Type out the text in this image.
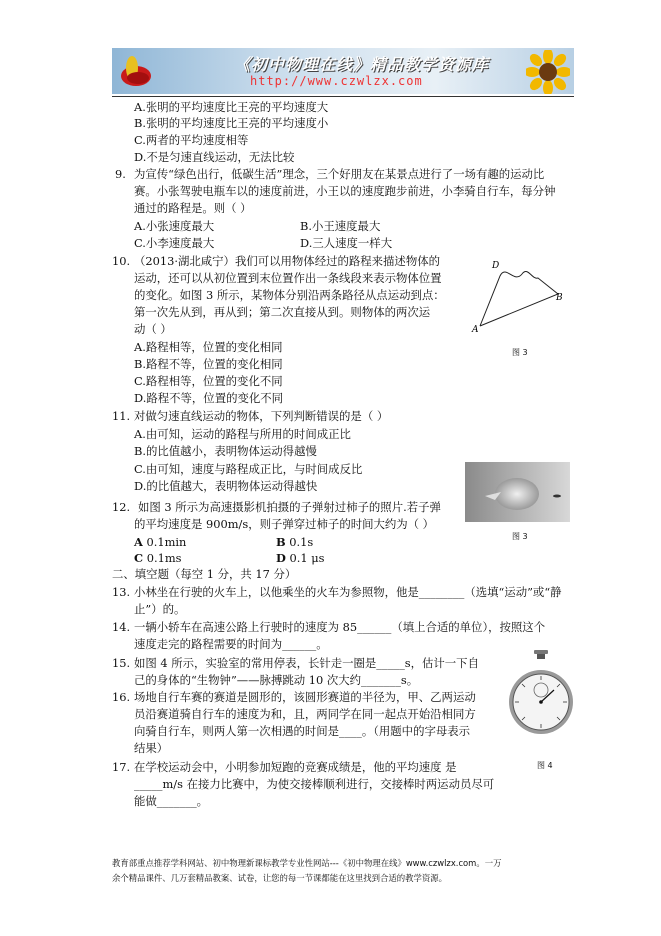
《初中物理在线》精品教学资源库
http://www.czwlzx.com
A.张明的平均速度比王亮的平均速度大
B.张明的平均速度比王亮的平均速度小
C.两者的平均速度相等
D.不是匀速直线运动，无法比较
9. 为宣传“绿色出行，低碳生活”理念，三个好朋友在某景点进行了一场有趣的运动比
赛。小张驾驶电瓶车以的速度前进，小王以的速度跑步前进，小李骑自行车，每分钟
通过的路程是。则（ ）
A.小张速度最大	B.小王速度最大
C.小李速度最大	D.三人速度一样大
10. （2013·湖北咸宁）我们可以用物体经过的路程来描述物体的
运动，还可以从初位置到末位置作出一条线段来表示物体位置
的变化。如图 3 所示，某物体分别沿两条路径从点运动到点：
第一次先从到，再从到；第二次直接从到。则物体的两次运
动（ ）
A.路程相等，位置的变化相同
B.路程不等，位置的变化相同
C.路程相等，位置的变化不同
D.路程不等，位置的变化不同
D
B
A
图 3
11. 对做匀速直线运动的物体，下列判断错误的是（ ）
A.由可知，运动的路程与所用的时间成正比
B.的比值越小，表明物体运动得越慢
C.由可知，速度与路程成正比，与时间成反比
D.的比值越大，表明物体运动得越快
12. 如图 3 所示为高速摄影机拍摄的子弹射过柿子的照片.若子弹
的平均速度是 900m/s，则子弹穿过柿子的时间大约为（ ）
图 3
A 0.1min	B 0.1s
C 0.1ms	D 0.1 μs
二、填空题（每空 1 分，共 17 分）
13. 小林坐在行驶的火车上，以他乘坐的火车为参照物，他是________（选填“运动”或“静
止”）的。
14. 一辆小轿车在高速公路上行驶时的速度为 85______（填上合适的单位），按照这个
速度走完的路程需要的时间为______。
15. 如图 4 所示，实验室的常用停表，长针走一圈是_____s，估计一下自
己的身体的“生物钟”——脉搏跳动 10 次大约_______s。
图 4
16. 场地自行车赛的赛道是圆形的，该圆形赛道的半径为，甲、乙两运动
员沿赛道骑自行车的速度为和，且，两同学在同一起点开始沿相同方
向骑自行车，则两人第一次相遇的时间是____。（用题中的字母表示
结果）
17. 在学校运动会中，小明参加短跑的竞赛成绩是，他的平均速度 是
_____m/s 在接力比赛中，为使交接棒顺利进行，交接棒时两运动员尽可
能做_______。
教育部重点推荐学科网站、初中物理新课标教学专业性网站---《初中物理在线》www.czwlzx.com。一万
余个精品课件、几万套精品教案、试卷，让您的每一节课都能在这里找到合适的教学资源。
